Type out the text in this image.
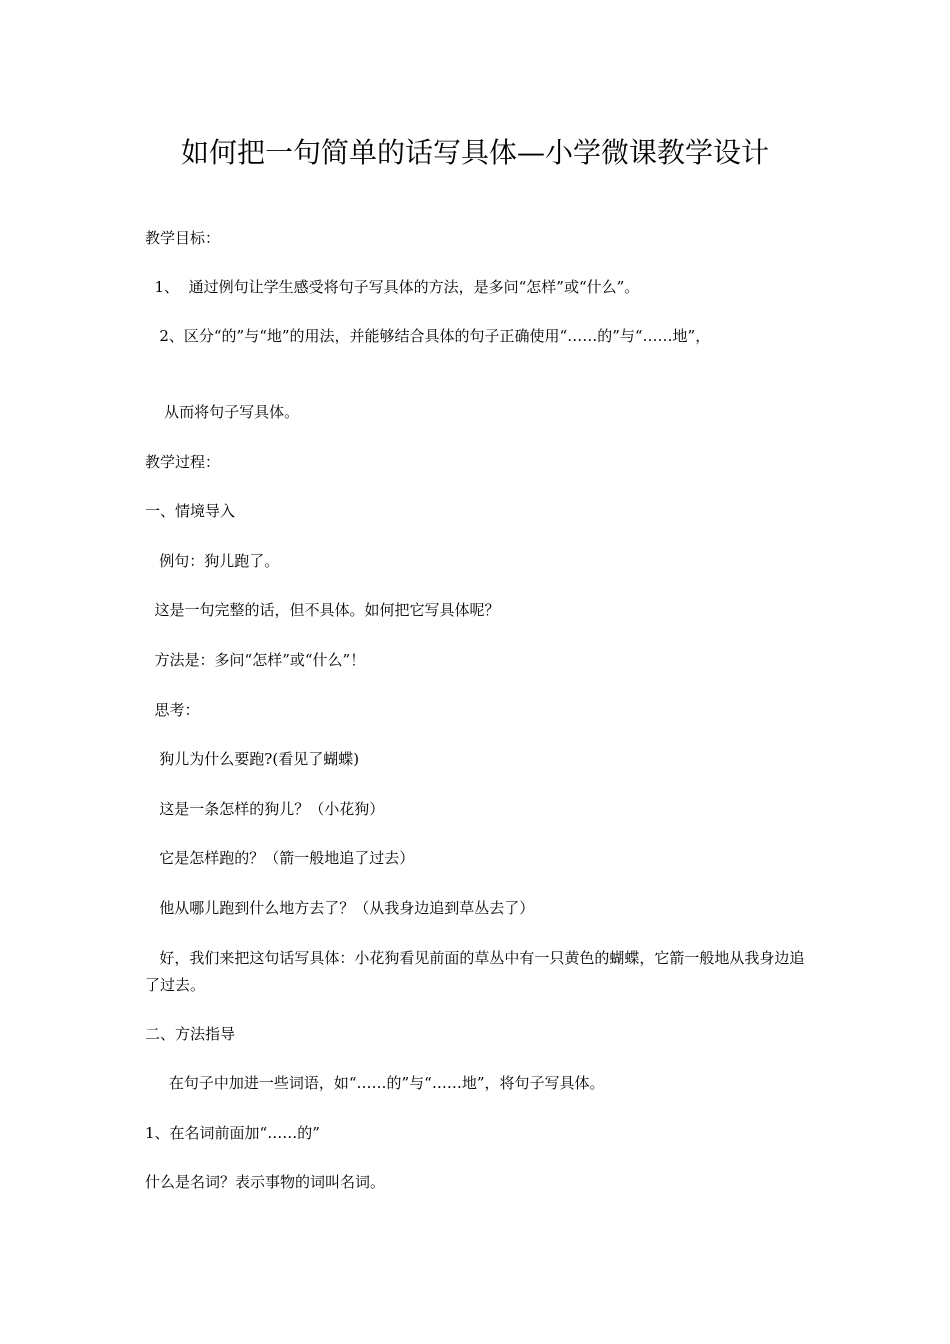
如何把一句简单的话写具体—小学微课教学设计
教学目标：
1、  通过例句让学生感受将句子写具体的方法，是多问“怎样”或“什么”。
2、区分“的”与“地”的用法，并能够结合具体的句子正确使用“……的”与“……地”，
从而将句子写具体。
教学过程：
一、情境导入
例句：狗儿跑了。
这是一句完整的话，但不具体。如何把它写具体呢？
方法是：多问“怎样”或“什么”！
思考：
狗儿为什么要跑?(看见了蝴蝶)
这是一条怎样的狗儿？（小花狗）
它是怎样跑的？（箭一般地追了过去）
他从哪儿跑到什么地方去了？（从我身边追到草丛去了）
好，我们来把这句话写具体：小花狗看见前面的草丛中有一只黄色的蝴蝶，它箭一般地从我身边追了过去。
二、方法指导
在句子中加进一些词语，如“……的”与“……地”，将句子写具体。
1、在名词前面加“……的”
什么是名词？表示事物的词叫名词。
